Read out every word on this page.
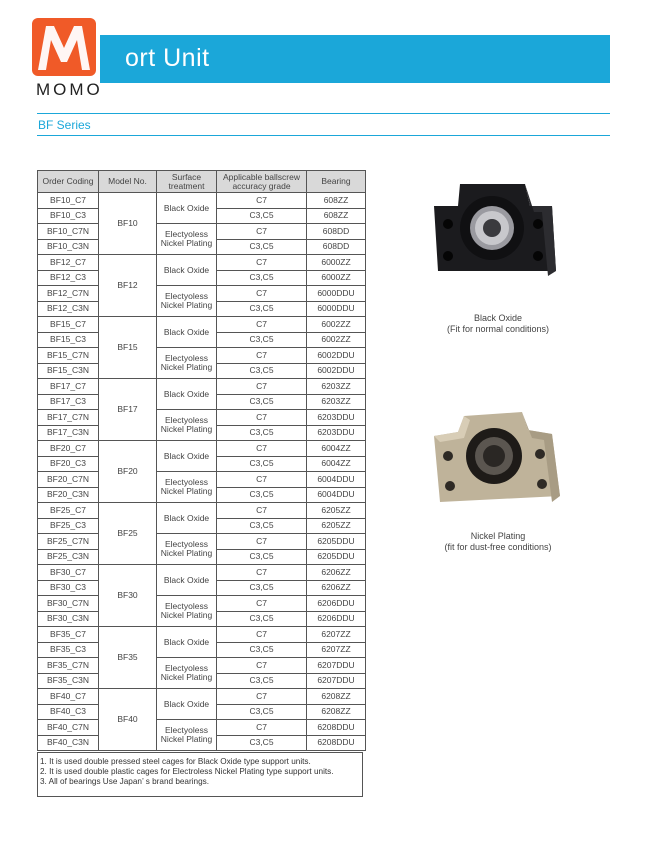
ort Unit
MOMO
BF Series
Order Coding	Model No.	Surface treatment	Applicable ballscrew accuracy grade	Bearing
BF10_C7	BF10	Black Oxide	C7	608ZZ
BF10_C3			C3,C5	608ZZ
BF10_C7N		Electyoless Nickel Plating	C7	608DD
BF10_C3N			C3,C5	608DD
BF12_C7	BF12	Black Oxide	C7	6000ZZ
BF12_C3			C3,C5	6000ZZ
BF12_C7N		Electyoless Nickel Plating	C7	6000DDU
BF12_C3N			C3,C5	6000DDU
BF15_C7	BF15	Black Oxide	C7	6002ZZ
BF15_C3			C3,C5	6002ZZ
BF15_C7N		Electyoless Nickel Plating	C7	6002DDU
BF15_C3N			C3,C5	6002DDU
BF17_C7	BF17	Black Oxide	C7	6203ZZ
BF17_C3			C3,C5	6203ZZ
BF17_C7N		Electyoless Nickel Plating	C7	6203DDU
BF17_C3N			C3,C5	6203DDU
BF20_C7	BF20	Black Oxide	C7	6004ZZ
BF20_C3			C3,C5	6004ZZ
BF20_C7N		Electyoless Nickel Plating	C7	6004DDU
BF20_C3N			C3,C5	6004DDU
BF25_C7	BF25	Black Oxide	C7	6205ZZ
BF25_C3			C3,C5	6205ZZ
BF25_C7N		Electyoless Nickel Plating	C7	6205DDU
BF25_C3N			C3,C5	6205DDU
BF30_C7	BF30	Black Oxide	C7	6206ZZ
BF30_C3			C3,C5	6206ZZ
BF30_C7N		Electyoless Nickel Plating	C7	6206DDU
BF30_C3N			C3,C5	6206DDU
BF35_C7	BF35	Black Oxide	C7	6207ZZ
BF35_C3			C3,C5	6207ZZ
BF35_C7N		Electyoless Nickel Plating	C7	6207DDU
BF35_C3N			C3,C5	6207DDU
BF40_C7	BF40	Black Oxide	C7	6208ZZ
BF40_C3			C3,C5	6208ZZ
BF40_C7N		Electyoless Nickel Plating	C7	6208DDU
BF40_C3N			C3,C5	6208DDU
1. It is used double pressed steel cages for Black Oxide type support units.
2. It is used double plastic cages for Electroless Nickel Plating type support units.
3. All of bearings Use Japan’ s brand bearings.
Black Oxide
(Fit for normal conditions)
Nickel Plating
(fit for dust-free conditions)
